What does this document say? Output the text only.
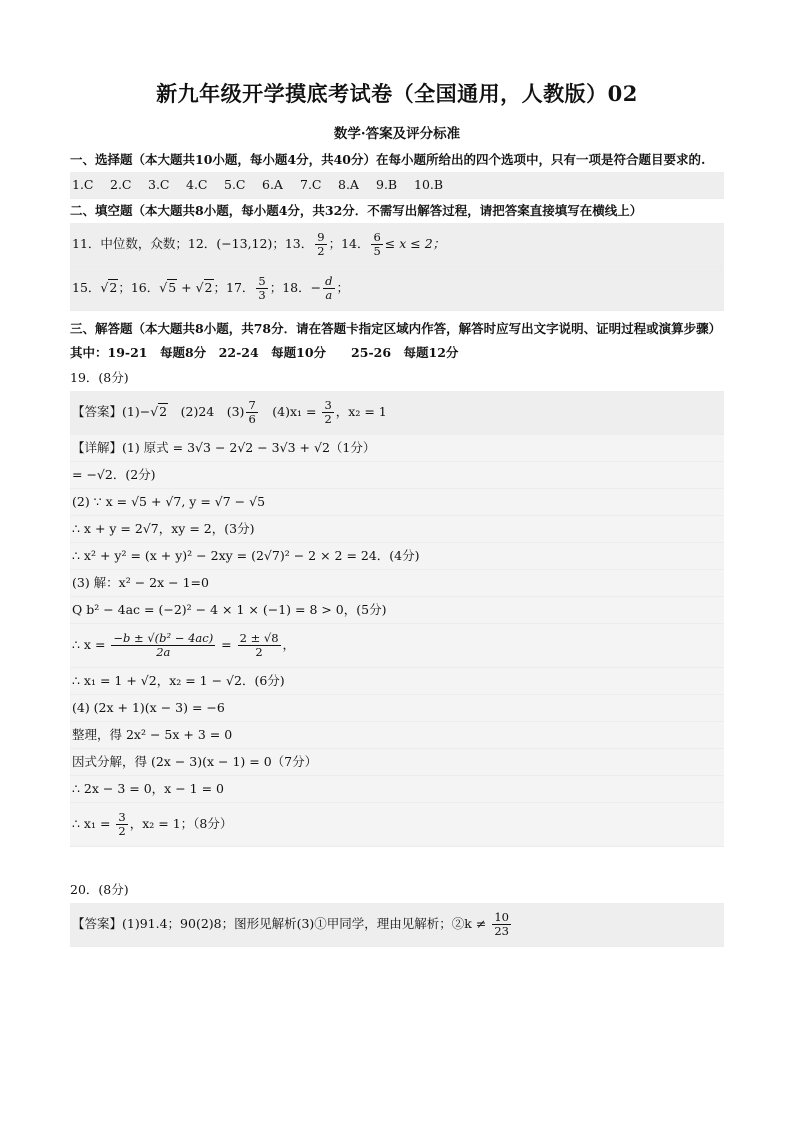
新九年级开学摸底考试卷（全国通用，人教版）02
数学·答案及评分标准
一、选择题（本大题共10小题，每小题4分，共40分）在每小题所给出的四个选项中，只有一项是符合题目要求的.
1.C	2.C	3.C	4.C	5.C	6.A	7.C	8.A	9.B	10.B
二、填空题（本大题共8小题，每小题4分，共32分．不需写出解答过程，请把答案直接填写在横线上）
11．中位数，众数；12．(−13,12)；13． $\frac{9}{2}$ ；14． $\frac{6}{5} \le x \le 2$；
15．√2；16．√5 + √2；17． $\frac{5}{3}$ ；18．− $\frac{d}{a}$ ；
三、解答题（本大题共8小题，共78分．请在答题卡指定区域内作答，解答时应写出文字说明、证明过程或演算步骤） 其中：19-21　每题8分　22-24　每题10分　　25-26　每题12分
19．(8分)
【答案】(1)−√2　(2)24　$(3) \frac{7}{6}$ 　$(4)x_1 = \frac{3}{2}$ ，x₂ = 1
【详解】(1) 原式 = 3√3 − 2√2 − 3√3 + √2（1分）
= −√2．(2分)
(2) ∵ x = √5 + √7, y = √7 − √5
∴ x + y = 2√7，xy = 2，(3分)
∴ x² + y² = (x + y)² − 2xy = (2√7)² − 2 × 2 = 24．(4分)
(3) 解：x² − 2x − 1=0
Q b² − 4ac = (−2)² − 4 × 1 × (−1) = 8 > 0，(5分)
∴ $x = \frac{\text{−b ± √(b² − 4ac)}}{2a} = \frac{2 \pm √8}{2}$ ，
∴ x₁ = 1 + √2，x₂ = 1 − √2．(6分)
(4) (2x + 1)(x − 3) = −6
整理，得 2x² − 5x + 3 = 0
因式分解，得 (2x − 3)(x − 1) = 0（7分）
∴ 2x − 3 = 0，x − 1 = 0
∴ $x_1 = \frac{3}{2}$ ，x₂ = 1；（8分）
20．(8分)
【答案】(1)91.4；90(2)8；图形见解析(3)①甲同学，理由见解析；②k ≠ $\frac{10}{23}$
